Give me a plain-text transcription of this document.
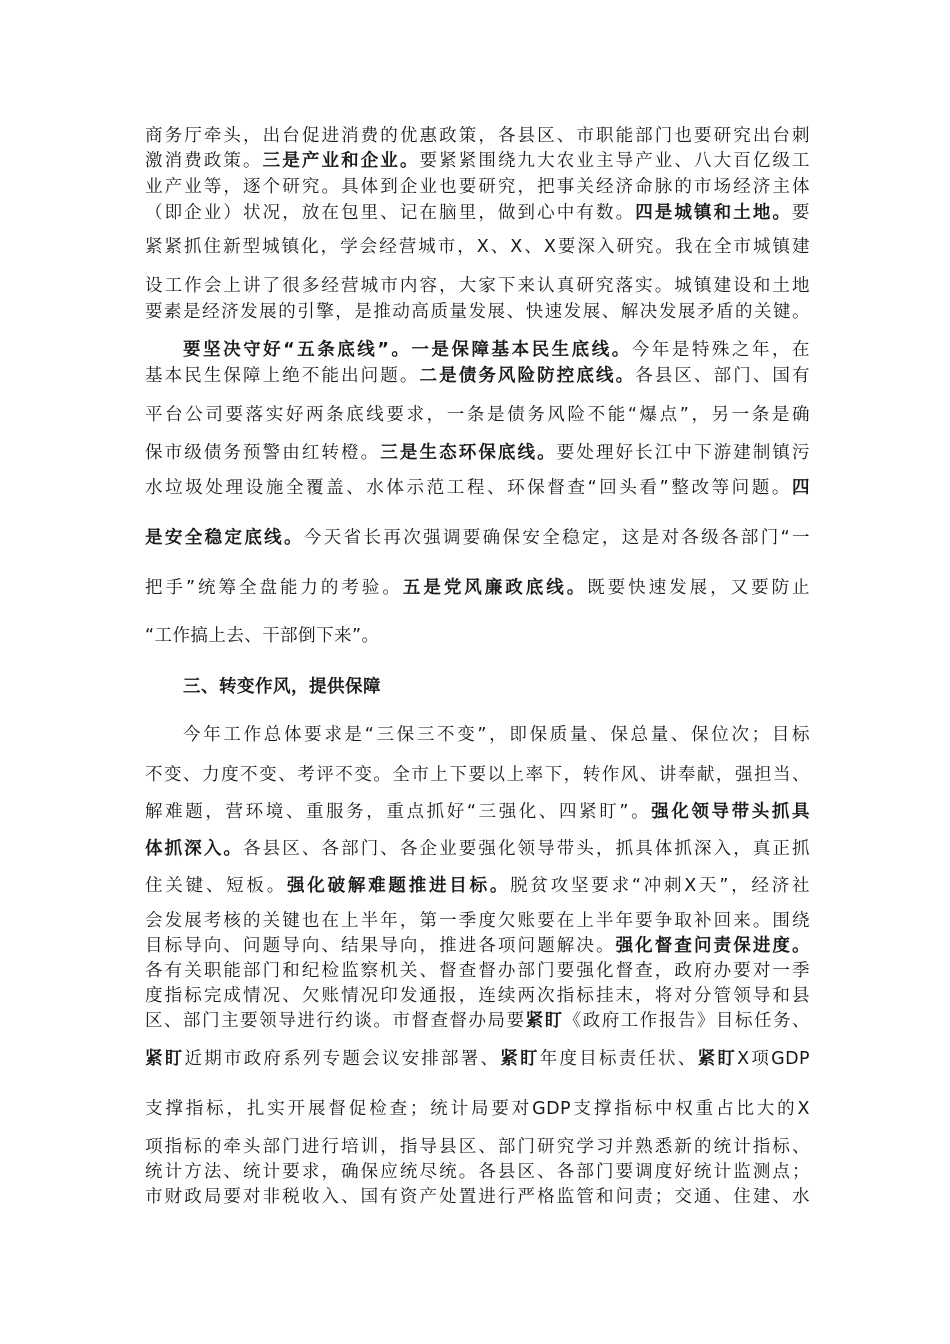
商务厅牵头，出台促进消费的优惠政策，各县区、市职能部门也要研究出台刺
激消费政策。三是产业和企业。要紧紧围绕九大农业主导产业、八大百亿级工
业产业等，逐个研究。具体到企业也要研究，把事关经济命脉的市场经济主体
（即企业）状况，放在包里、记在脑里，做到心中有数。四是城镇和土地。要
紧紧抓住新型城镇化，学会经营城市，X、X、X要深入研究。我在全市城镇建
设工作会上讲了很多经营城市内容，大家下来认真研究落实。城镇建设和土地
要素是经济发展的引擎，是推动高质量发展、快速发展、解决发展矛盾的关键。
要坚决守好“五条底线”。一是保障基本民生底线。今年是特殊之年，在
基本民生保障上绝不能出问题。二是债务风险防控底线。各县区、部门、国有
平台公司要落实好两条底线要求，一条是债务风险不能“爆点”，另一条是确
保市级债务预警由红转橙。三是生态环保底线。要处理好长江中下游建制镇污
水垃圾处理设施全覆盖、水体示范工程、环保督查“回头看”整改等问题。四
是安全稳定底线。今天省长再次强调要确保安全稳定，这是对各级各部门“一
把手”统筹全盘能力的考验。五是党风廉政底线。既要快速发展，又要防止
“工作搞上去、干部倒下来”。
三、转变作风，提供保障
今年工作总体要求是“三保三不变”，即保质量、保总量、保位次；目标
不变、力度不变、考评不变。全市上下要以上率下，转作风、讲奉献，强担当、
解难题，营环境、重服务，重点抓好“三强化、四紧盯”。强化领导带头抓具
体抓深入。各县区、各部门、各企业要强化领导带头，抓具体抓深入，真正抓
住关键、短板。强化破解难题推进目标。脱贫攻坚要求“冲刺X天”，经济社
会发展考核的关键也在上半年，第一季度欠账要在上半年要争取补回来。围绕
目标导向、问题导向、结果导向，推进各项问题解决。强化督查问责保进度。
各有关职能部门和纪检监察机关、督查督办部门要强化督查，政府办要对一季
度指标完成情况、欠账情况印发通报，连续两次指标挂末，将对分管领导和县
区、部门主要领导进行约谈。市督查督办局要紧盯《政府工作报告》目标任务、
紧盯近期市政府系列专题会议安排部署、紧盯年度目标责任状、紧盯X项GDP
支撑指标，扎实开展督促检查；统计局要对GDP支撑指标中权重占比大的X
项指标的牵头部门进行培训，指导县区、部门研究学习并熟悉新的统计指标、
统计方法、统计要求，确保应统尽统。各县区、各部门要调度好统计监测点；
市财政局要对非税收入、国有资产处置进行严格监管和问责；交通、住建、水
